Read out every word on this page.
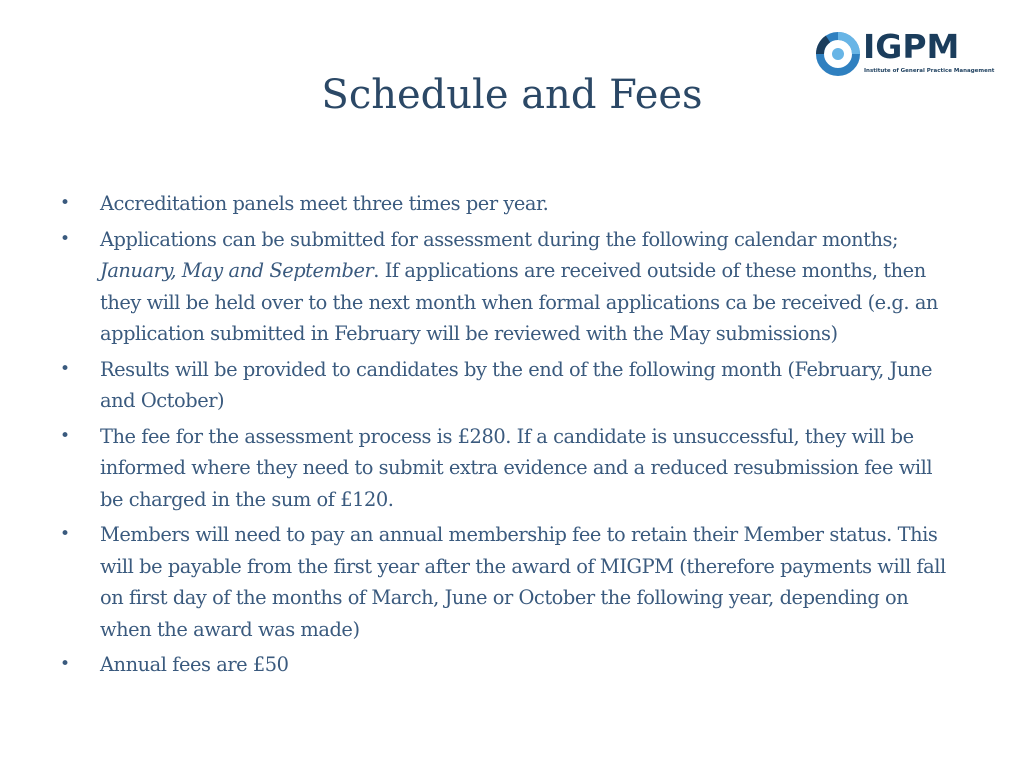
IGPM
Institute of General Practice Management
Schedule and Fees
• Accreditation panels meet three times per year.
• Applications can be submitted for assessment during the following calendar months; January, May and September. If applications are received outside of these months, then they will be held over to the next month when formal applications ca be received (e.g. an application submitted in February will be reviewed with the May submissions)
• Results will be provided to candidates by the end of the following month (February, June and October)
• The fee for the assessment process is £280. If a candidate is unsuccessful, they will be informed where they need to submit extra evidence and a reduced resubmission fee will be charged in the sum of £120.
• Members will need to pay an annual membership fee to retain their Member status. This will be payable from the first year after the award of MIGPM (therefore payments will fall on first day of the months of March, June or October the following year, depending on when the award was made)
• Annual fees are £50
